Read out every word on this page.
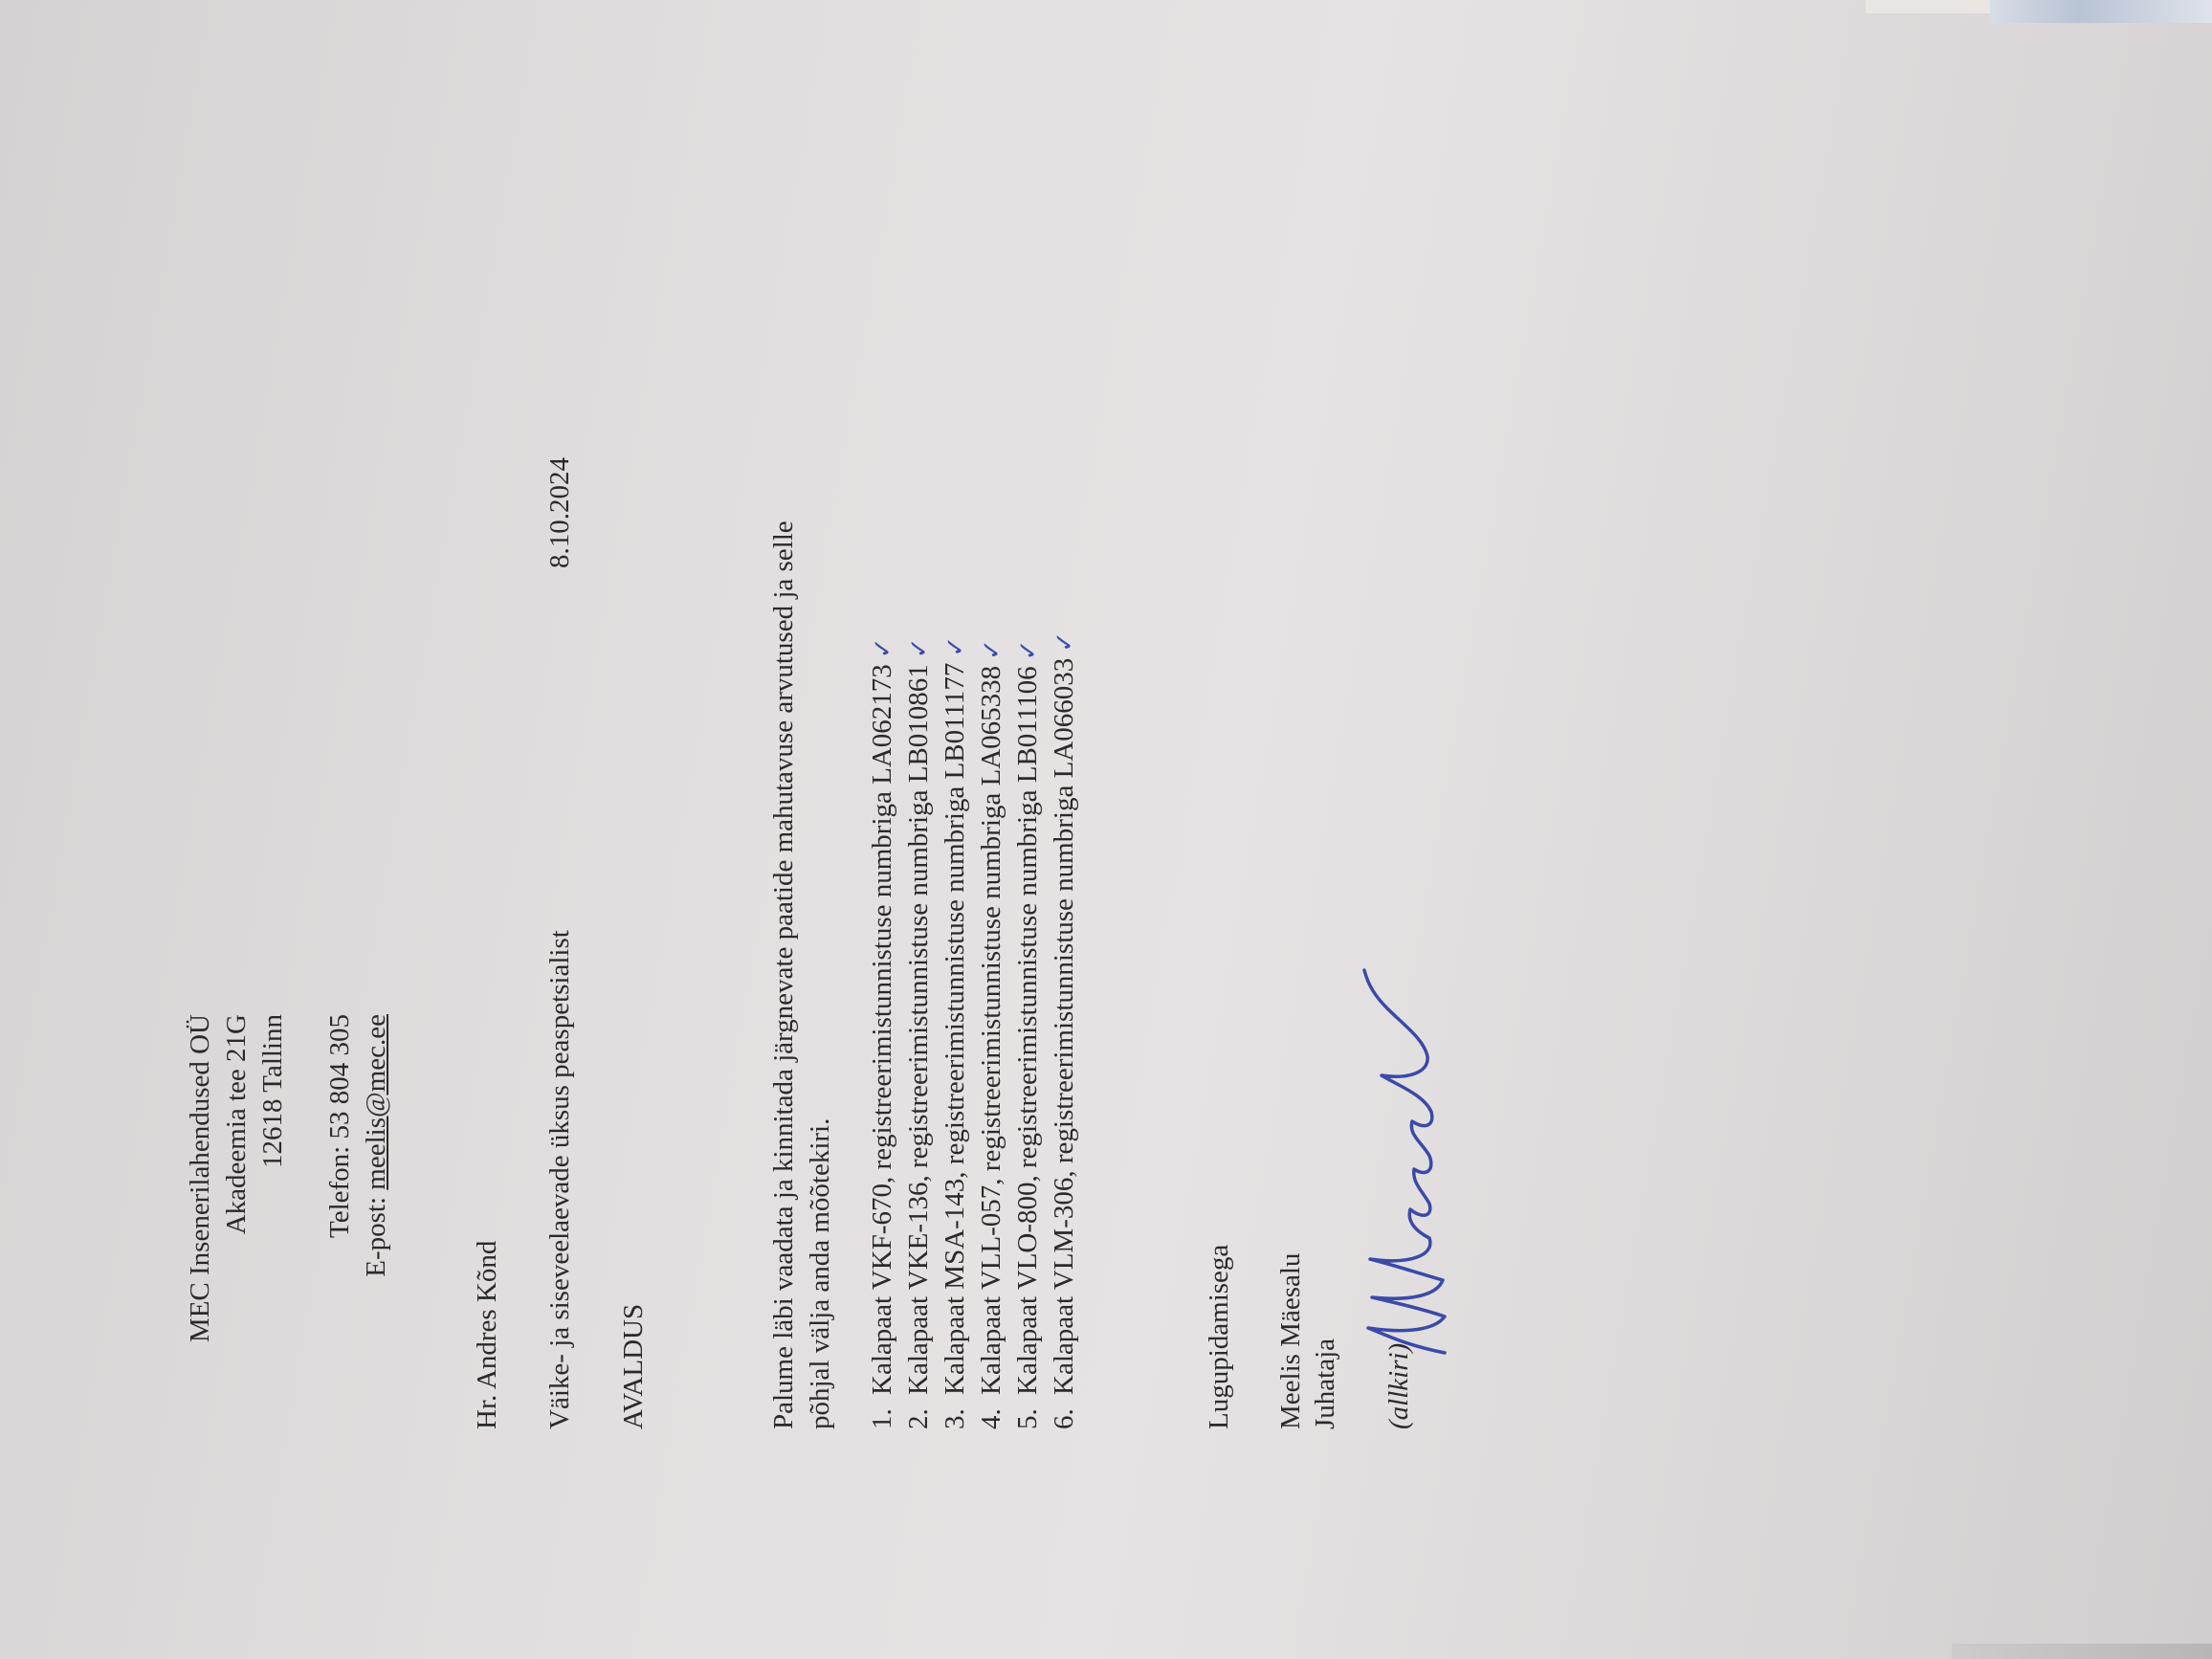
MEC Insenerilahendused OÜ Akadeemia tee 21G 12618 Tallinn Telefon: 53 804 305 E-post: meelis@mec.ee
Hr. Andres Kõnd Väike- ja siseveelaevade üksus peaspetsialist
8.10.2024
AVALDUS	Palume läbi vaadata ja kinnitada järgnevate paatide mahutavuse arvutused ja selle põhjal välja anda mõõtekiri. 1.Kalapaat VKF-670, registreerimistunnistuse numbriga LA062173✓
2.Kalapaat VKE-136, registreerimistunnistuse numbriga LB010861✓
3.Kalapaat MSA-143, registreerimistunnistuse numbriga LB011177✓
4.Kalapaat VLL-057, registreerimistunnistuse numbriga LA065338✓
5.Kalapaat VLO-800, registreerimistunnistuse numbriga LB011106✓
6.Kalapaat VLM-306, registreerimistunnistuse numbriga LA066033✓
Lugupidamisega Meelis Mäesalu Juhataja (allkiri)
